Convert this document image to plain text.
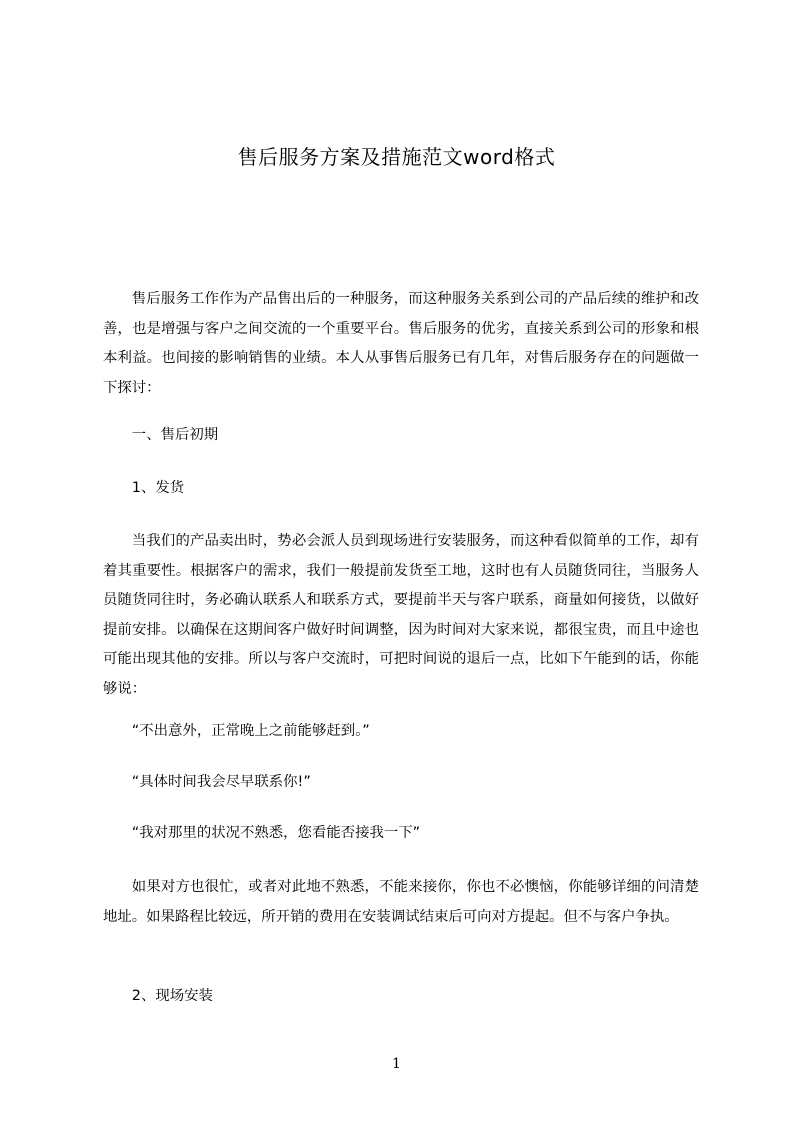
售后服务方案及措施范文word格式

售后服务工作作为产品售出后的一种服务，而这种服务关系到公司的产品后续的维护和改善，也是增强与客户之间交流的一个重要平台。售后服务的优劣，直接关系到公司的形象和根本利益。也间接的影响销售的业绩。本人从事售后服务已有几年，对售后服务存在的问题做一下探讨：

一、售后初期

1、发货

当我们的产品卖出时，势必会派人员到现场进行安装服务，而这种看似简单的工作，却有着其重要性。根据客户的需求，我们一般提前发货至工地，这时也有人员随货同往，当服务人员随货同往时，务必确认联系人和联系方式，要提前半天与客户联系，商量如何接货，以做好提前安排。以确保在这期间客户做好时间调整，因为时间对大家来说，都很宝贵，而且中途也可能出现其他的安排。所以与客户交流时，可把时间说的退后一点，比如下午能到的话，你能够说：

“不出意外，正常晚上之前能够赶到。”

“具体时间我会尽早联系你!”

“我对那里的状况不熟悉，您看能否接我一下”

如果对方也很忙，或者对此地不熟悉，不能来接你，你也不必懊恼，你能够详细的问清楚地址。如果路程比较远，所开销的费用在安装调试结束后可向对方提起。但不与客户争执。

2、现场安装

1
